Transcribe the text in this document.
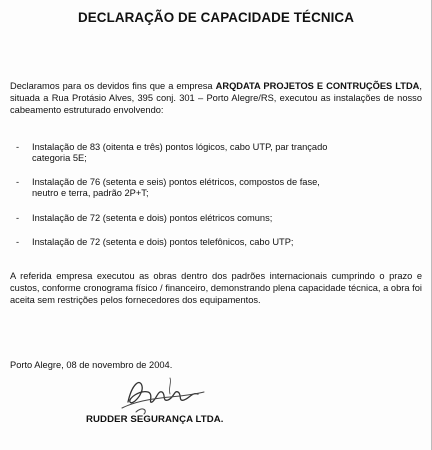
DECLARAÇÃO DE CAPACIDADE TÉCNICA

Declaramos para os devidos fins que a empresa ARQDATA PROJETOS E CONTRUÇÕES LTDA, situada a Rua Protásio Alves, 395 conj. 301 – Porto Alegre/RS, executou as instalações de nosso cabeamento estruturado envolvendo:

- Instalação de 83 (oitenta e três) pontos lógicos, cabo UTP, par trançado categoria 5E;
- Instalação de 76 (setenta e seis) pontos elétricos, compostos de fase, neutro e terra, padrão 2P+T;
- Instalação de 72 (setenta e dois) pontos elétricos comuns;
- Instalação de 72 (setenta e dois) pontos telefônicos, cabo UTP;

A referida empresa executou as obras dentro dos padrões internacionais cumprindo o prazo e custos, conforme cronograma físico / financeiro, demonstrando plena capacidade técnica, a obra foi aceita sem restrições pelos fornecedores dos equipamentos.

Porto Alegre, 08 de novembro de 2004.
RUDDER SEGURANÇA LTDA.
